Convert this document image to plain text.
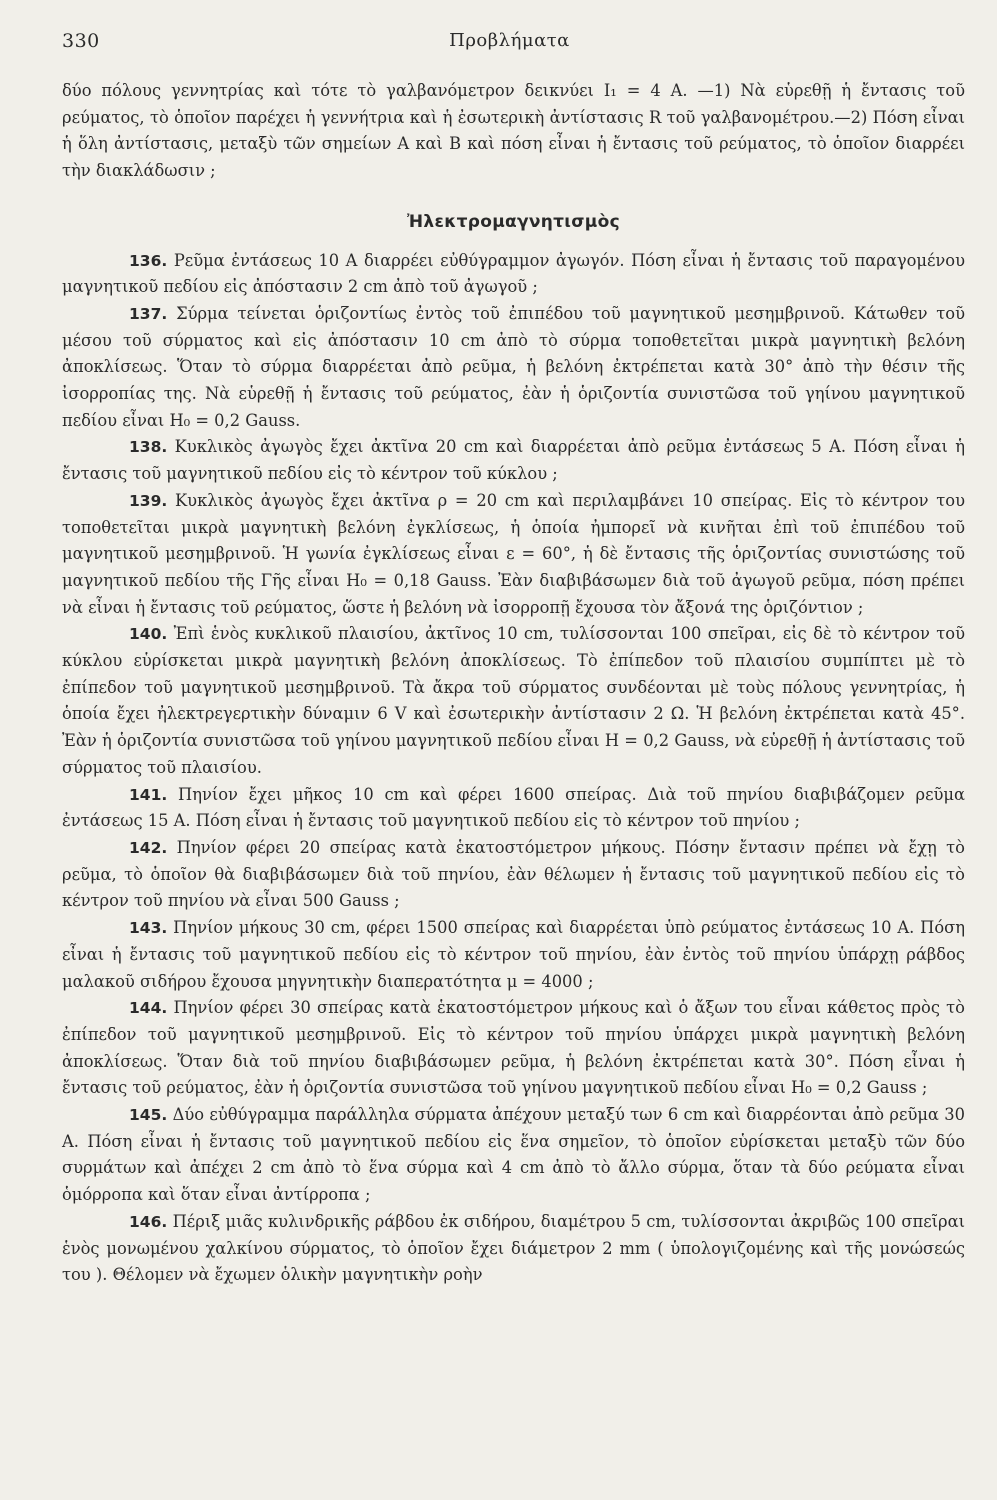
330	Προβλήματα

δύο πόλους γεννητρίας καὶ τότε τὸ γαλβανόμετρον δεικνύει I₁ = 4 A. —1) Νὰ εὑρεθῇ ἡ ἔντασις τοῦ ρεύματος, τὸ ὁποῖον παρέχει ἡ γεννήτρια καὶ ἡ ἐσωτερικὴ ἀντίστασις R τοῦ γαλβανομέτρου.—2) Πόση εἶναι ἡ ὅλη ἀντίστασις, μεταξὺ τῶν σημείων A καὶ B καὶ πόση εἶναι ἡ ἔντασις τοῦ ρεύματος, τὸ ὁποῖον διαρρέει τὴν διακλάδωσιν ;

Ἠλεκτρομαγνητισμὸς

136. Ρεῦμα ἐντάσεως 10 A διαρρέει εὐθύγραμμον ἀγωγόν. Πόση εἶναι ἡ ἔντασις τοῦ παραγομένου μαγνητικοῦ πεδίου εἰς ἀπόστασιν 2 cm ἀπὸ τοῦ ἀγωγοῦ ;

137. Σύρμα τείνεται ὁριζοντίως ἐντὸς τοῦ ἐπιπέδου τοῦ μαγνητικοῦ μεσημβρινοῦ. Κάτωθεν τοῦ μέσου τοῦ σύρματος καὶ εἰς ἀπόστασιν 10 cm ἀπὸ τὸ σύρμα τοποθετεῖται μικρὰ μαγνητικὴ βελόνη ἀποκλίσεως. Ὅταν τὸ σύρμα διαρρέεται ἀπὸ ρεῦμα, ἡ βελόνη ἐκτρέπεται κατὰ 30° ἀπὸ τὴν θέσιν τῆς ἰσορροπίας της. Νὰ εὑρεθῇ ἡ ἔντασις τοῦ ρεύματος, ἐὰν ἡ ὁριζοντία συνιστῶσα τοῦ γηίνου μαγνητικοῦ πεδίου εἶναι H₀ = 0,2 Gauss.

138. Κυκλικὸς ἀγωγὸς ἔχει ἀκτῖνα 20 cm καὶ διαρρέεται ἀπὸ ρεῦμα ἐντάσεως 5 A. Πόση εἶναι ἡ ἔντασις τοῦ μαγνητικοῦ πεδίου εἰς τὸ κέντρον τοῦ κύκλου ;

139. Κυκλικὸς ἀγωγὸς ἔχει ἀκτῖνα ρ = 20 cm καὶ περιλαμβάνει 10 σπείρας. Εἰς τὸ κέντρον του τοποθετεῖται μικρὰ μαγνητικὴ βελόνη ἐγκλίσεως, ἡ ὁποία ἠμπορεῖ νὰ κινῆται ἐπὶ τοῦ ἐπιπέδου τοῦ μαγνητικοῦ μεσημβρινοῦ. Ἡ γωνία ἐγκλίσεως εἶναι ε = 60°, ἡ δὲ ἔντασις τῆς ὁριζοντίας συνιστώσης τοῦ μαγνητικοῦ πεδίου τῆς Γῆς εἶναι H₀ = 0,18 Gauss. Ἐὰν διαβιβάσωμεν διὰ τοῦ ἀγωγοῦ ρεῦμα, πόση πρέπει νὰ εἶναι ἡ ἔντασις τοῦ ρεύματος, ὥστε ἡ βελόνη νὰ ἰσορροπῇ ἔχουσα τὸν ἄξονά της ὁριζόντιον ;

140. Ἐπὶ ἑνὸς κυκλικοῦ πλαισίου, ἀκτῖνος 10 cm, τυλίσσονται 100 σπεῖραι, εἰς δὲ τὸ κέντρον τοῦ κύκλου εὑρίσκεται μικρὰ μαγνητικὴ βελόνη ἀποκλίσεως. Τὸ ἐπίπεδον τοῦ πλαισίου συμπίπτει μὲ τὸ ἐπίπεδον τοῦ μαγνητικοῦ μεσημβρινοῦ. Τὰ ἄκρα τοῦ σύρματος συνδέονται μὲ τοὺς πόλους γεννητρίας, ἡ ὁποία ἔχει ἠλεκτρεγερτικὴν δύναμιν 6 V καὶ ἐσωτερικὴν ἀντίστασιν 2 Ω. Ἡ βελόνη ἐκτρέπεται κατὰ 45°. Ἐὰν ἡ ὁριζοντία συνιστῶσα τοῦ γηίνου μαγνητικοῦ πεδίου εἶναι H = 0,2 Gauss, νὰ εὑρεθῇ ἡ ἀντίστασις τοῦ σύρματος τοῦ πλαισίου.

141. Πηνίον ἔχει μῆκος 10 cm καὶ φέρει 1600 σπείρας. Διὰ τοῦ πηνίου διαβιβάζομεν ρεῦμα ἐντάσεως 15 A. Πόση εἶναι ἡ ἔντασις τοῦ μαγνητικοῦ πεδίου εἰς τὸ κέντρον τοῦ πηνίου ;

142. Πηνίον φέρει 20 σπείρας κατὰ ἑκατοστόμετρον μήκους. Πόσην ἔντασιν πρέπει νὰ ἔχῃ τὸ ρεῦμα, τὸ ὁποῖον θὰ διαβιβάσωμεν διὰ τοῦ πηνίου, ἐὰν θέλωμεν ἡ ἔντασις τοῦ μαγνητικοῦ πεδίου εἰς τὸ κέντρον τοῦ πηνίου νὰ εἶναι 500 Gauss ;

143. Πηνίον μήκους 30 cm, φέρει 1500 σπείρας καὶ διαρρέεται ὑπὸ ρεύματος ἐντάσεως 10 A. Πόση εἶναι ἡ ἔντασις τοῦ μαγνητικοῦ πεδίου εἰς τὸ κέντρον τοῦ πηνίου, ἐὰν ἐντὸς τοῦ πηνίου ὑπάρχῃ ράβδος μαλακοῦ σιδήρου ἔχουσα μηγνητικὴν διαπερατότητα μ = 4000 ;

144. Πηνίον φέρει 30 σπείρας κατὰ ἑκατοστόμετρον μήκους καὶ ὁ ἄξων του εἶναι κάθετος πρὸς τὸ ἐπίπεδον τοῦ μαγνητικοῦ μεσημβρινοῦ. Εἰς τὸ κέντρον τοῦ πηνίου ὑπάρχει μικρὰ μαγνητικὴ βελόνη ἀποκλίσεως. Ὅταν διὰ τοῦ πηνίου διαβιβάσωμεν ρεῦμα, ἡ βελόνη ἐκτρέπεται κατὰ 30°. Πόση εἶναι ἡ ἔντασις τοῦ ρεύματος, ἐὰν ἡ ὁριζοντία συνιστῶσα τοῦ γηίνου μαγνητικοῦ πεδίου εἶναι H₀ = 0,2 Gauss ;

145. Δύο εὐθύγραμμα παράλληλα σύρματα ἀπέχουν μεταξύ των 6 cm καὶ διαρρέονται ἀπὸ ρεῦμα 30 A. Πόση εἶναι ἡ ἔντασις τοῦ μαγνητικοῦ πεδίου εἰς ἕνα σημεῖον, τὸ ὁποῖον εὑρίσκεται μεταξὺ τῶν δύο συρμάτων καὶ ἀπέχει 2 cm ἀπὸ τὸ ἕνα σύρμα καὶ 4 cm ἀπὸ τὸ ἄλλο σύρμα, ὅταν τὰ δύο ρεύματα εἶναι ὁμόρροπα καὶ ὅταν εἶναι ἀντίρροπα ;

146. Πέριξ μιᾶς κυλινδρικῆς ράβδου ἐκ σιδήρου, διαμέτρου 5 cm, τυλίσσονται ἀκριβῶς 100 σπεῖραι ἑνὸς μονωμένου χαλκίνου σύρματος, τὸ ὁποῖον ἔχει διάμετρον 2 mm ( ὑπολογιζομένης καὶ τῆς μονώσεώς του ). Θέλομεν νὰ ἔχωμεν ὁλικὴν μαγνητικὴν ροὴν
